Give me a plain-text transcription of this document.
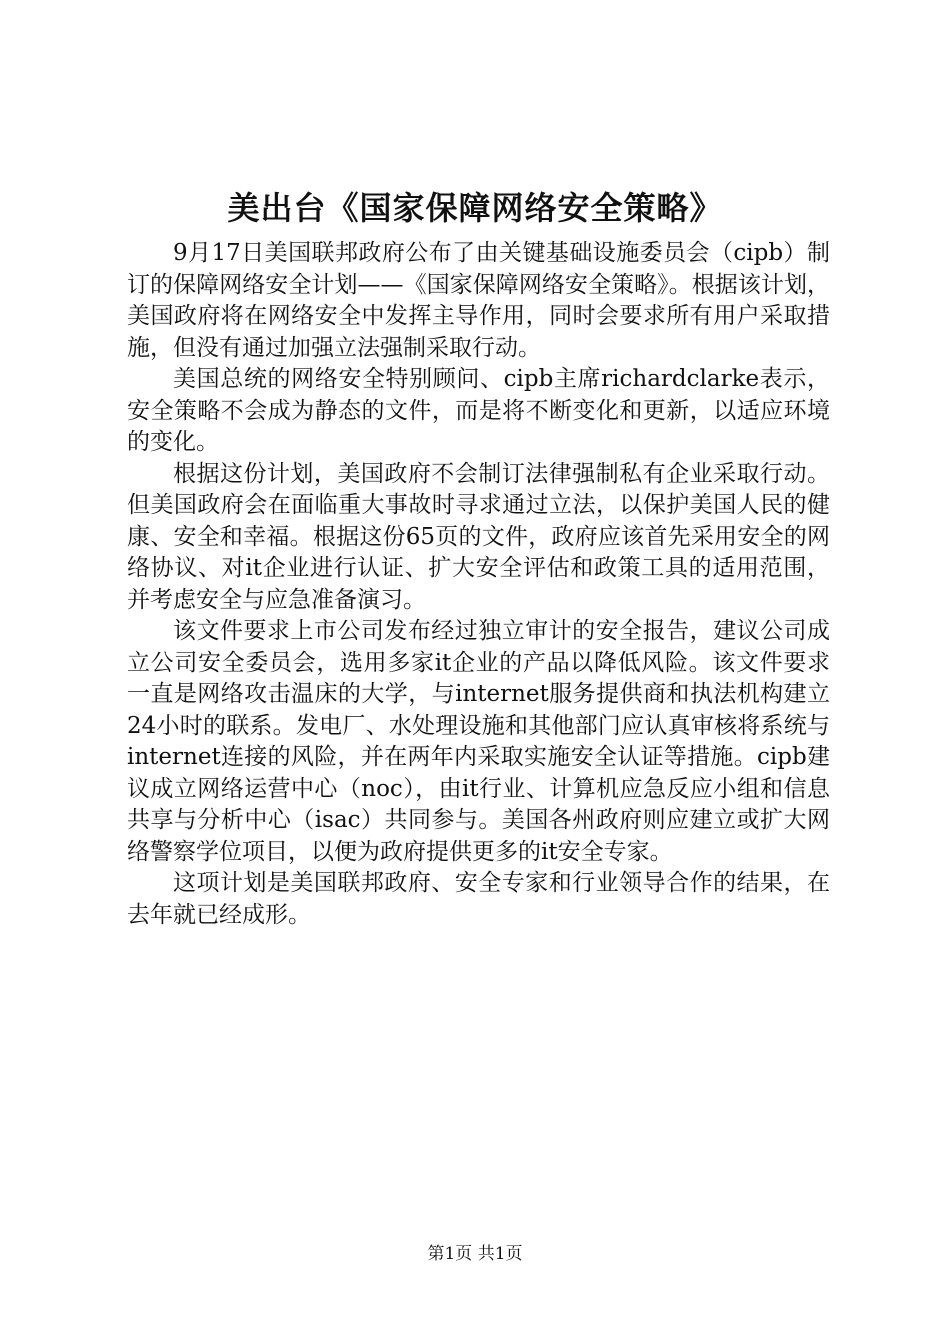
美出台《国家保障网络安全策略》

9月17日美国联邦政府公布了由关键基础设施委员会（cipb）制订的保障网络安全计划——《国家保障网络安全策略》。根据该计划，美国政府将在网络安全中发挥主导作用，同时会要求所有用户采取措施，但没有通过加强立法强制采取行动。

美国总统的网络安全特别顾问、cipb主席richardclarke表示，安全策略不会成为静态的文件，而是将不断变化和更新，以适应环境的变化。

根据这份计划，美国政府不会制订法律强制私有企业采取行动。但美国政府会在面临重大事故时寻求通过立法，以保护美国人民的健康、安全和幸福。根据这份65页的文件，政府应该首先采用安全的网络协议、对it企业进行认证、扩大安全评估和政策工具的适用范围，并考虑安全与应急准备演习。

该文件要求上市公司发布经过独立审计的安全报告，建议公司成立公司安全委员会，选用多家it企业的产品以降低风险。该文件要求一直是网络攻击温床的大学，与internet服务提供商和执法机构建立24小时的联系。发电厂、水处理设施和其他部门应认真审核将系统与internet连接的风险，并在两年内采取实施安全认证等措施。cipb建议成立网络运营中心（noc），由it行业、计算机应急反应小组和信息共享与分析中心（isac）共同参与。美国各州政府则应建立或扩大网络警察学位项目，以便为政府提供更多的it安全专家。

这项计划是美国联邦政府、安全专家和行业领导合作的结果，在去年就已经成形。

第1页 共1页
